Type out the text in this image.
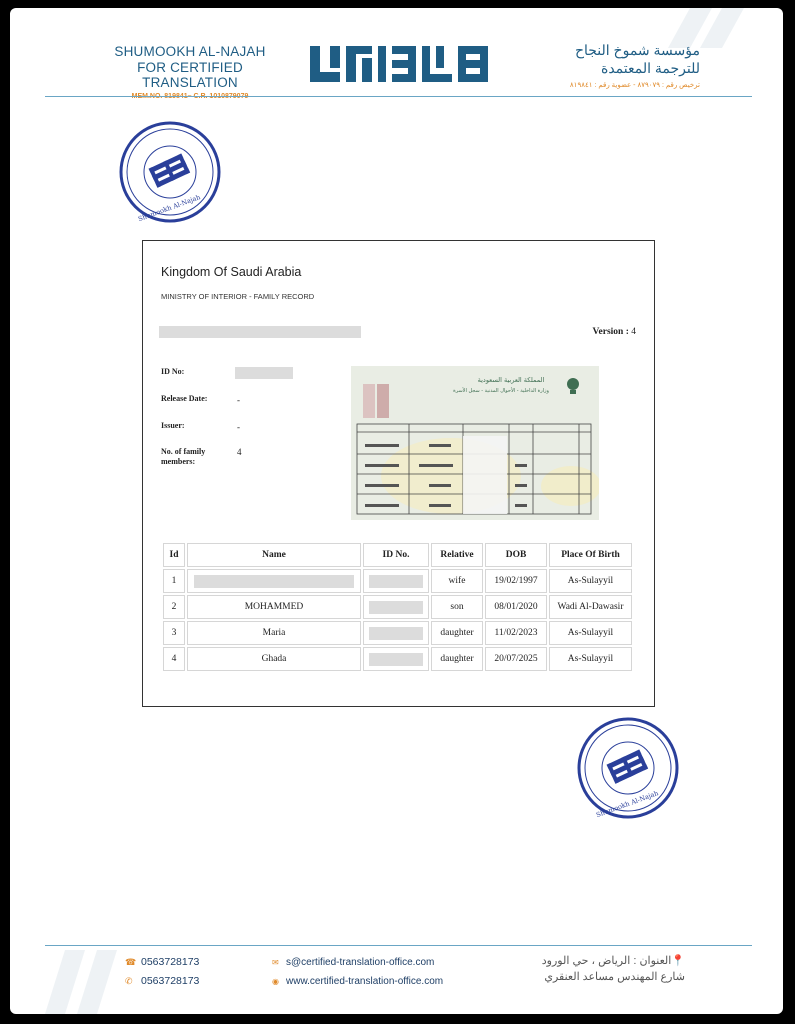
SHUMOOKH AL-NAJAH
FOR CERTIFIED TRANSLATION
مؤسسة شموخ النجاح
للترجمة المعتمدة
ترخيص رقم : ٨٧٩٠٧٩ - عضوية رقم : ٨١٩٨٤١
Shumookh Al-Najah
Shumookh Al-Najah
Kingdom Of Saudi Arabia
MINISTRY OF INTERIOR - FAMILY RECORD
Version : 4
ID No:
Release Date:	-
Issuer:	-
No. of family members:
4
المملكة العربية السعودية
وزارة الداخلية - الأحوال المدنية - سجل الأسرة
Id	Name	ID No.	Relative	DOB	Place Of Birth
1			wife	19/02/1997	As-Sulayyil
2	MOHAMMED		son	08/01/2020	Wadi Al-Dawasir
3	Maria		daughter	11/02/2023	As-Sulayyil
4	Ghada		daughter	20/07/2025	As-Sulayyil
☎ 0563728173
✆ 0563728173
✉ s@certified-translation-office.com
◉ www.certified-translation-office.com
📍العنوان : الرياض ، حي الورود
شارع المهندس مساعد العنقري
